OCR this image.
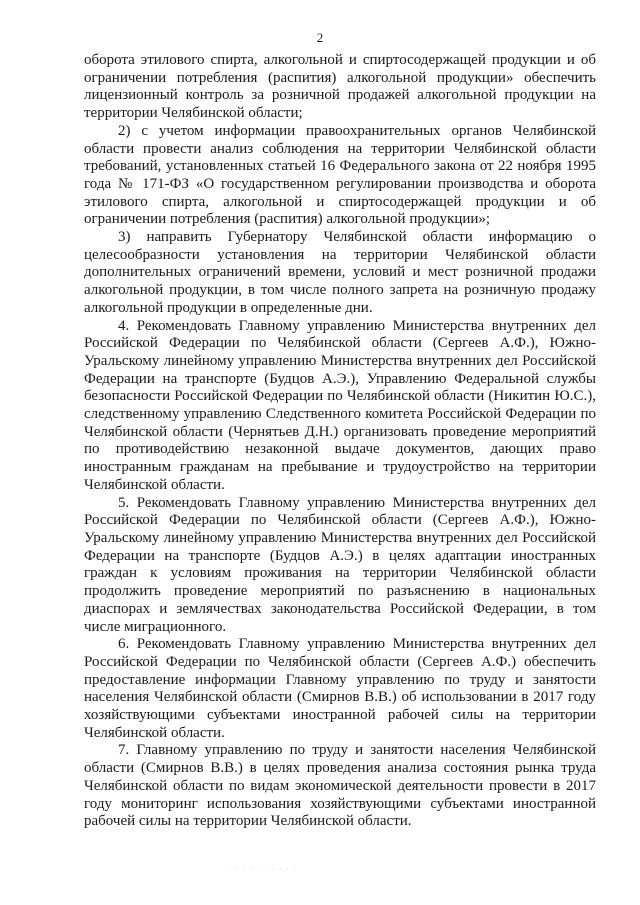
2

оборота этилового спирта, алкогольной и спиртосодержащей продукции и об ограничении потребления (распития) алкогольной продукции» обеспечить лицензионный контроль за розничной продажей алкогольной продукции на территории Челябинской области;

2) с учетом информации правоохранительных органов Челябинской области провести анализ соблюдения на территории Челябинской области требований, установленных статьей 16 Федерального закона от 22 ноября 1995 года № 171-ФЗ «О государственном регулировании производства и оборота этилового спирта, алкогольной и спиртосодержащей продукции и об ограничении потребления (распития) алкогольной продукции»;

3) направить Губернатору Челябинской области информацию о целесообразности установления на территории Челябинской области дополнительных ограничений времени, условий и мест розничной продажи алкогольной продукции, в том числе полного запрета на розничную продажу алкогольной продукции в определенные дни.

4. Рекомендовать Главному управлению Министерства внутренних дел Российской Федерации по Челябинской области (Сергеев А.Ф.), Южно-Уральскому линейному управлению Министерства внутренних дел Российской Федерации на транспорте (Будцов А.Э.), Управлению Федеральной службы безопасности Российской Федерации по Челябинской области (Никитин Ю.С.), следственному управлению Следственного комитета Российской Федерации по Челябинской области (Чернятьев Д.Н.) организовать проведение мероприятий по противодействию незаконной выдаче документов, дающих право иностранным гражданам на пребывание и трудоустройство на территории Челябинской области.

5. Рекомендовать Главному управлению Министерства внутренних дел Российской Федерации по Челябинской области (Сергеев А.Ф.), Южно-Уральскому линейному управлению Министерства внутренних дел Российской Федерации на транспорте (Будцов А.Э.) в целях адаптации иностранных граждан к условиям проживания на территории Челябинской области продолжить проведение мероприятий по разъяснению в национальных диаспорах и землячествах законодательства Российской Федерации, в том числе миграционного.

6. Рекомендовать Главному управлению Министерства внутренних дел Российской Федерации по Челябинской области (Сергеев А.Ф.) обеспечить предоставление информации Главному управлению по труду и занятости населения Челябинской области (Смирнов В.В.) об использовании в 2017 году хозяйствующими субъектами иностранной рабочей силы на территории Челябинской области.

7. Главному управлению по труду и занятости населения Челябинской области (Смирнов В.В.) в целях проведения анализа состояния рынка труда Челябинской области по видам экономической деятельности провести в 2017 году мониторинг использования хозяйствующими субъектами иностранной рабочей силы на территории Челябинской области.

· · · · · · · · · ·
